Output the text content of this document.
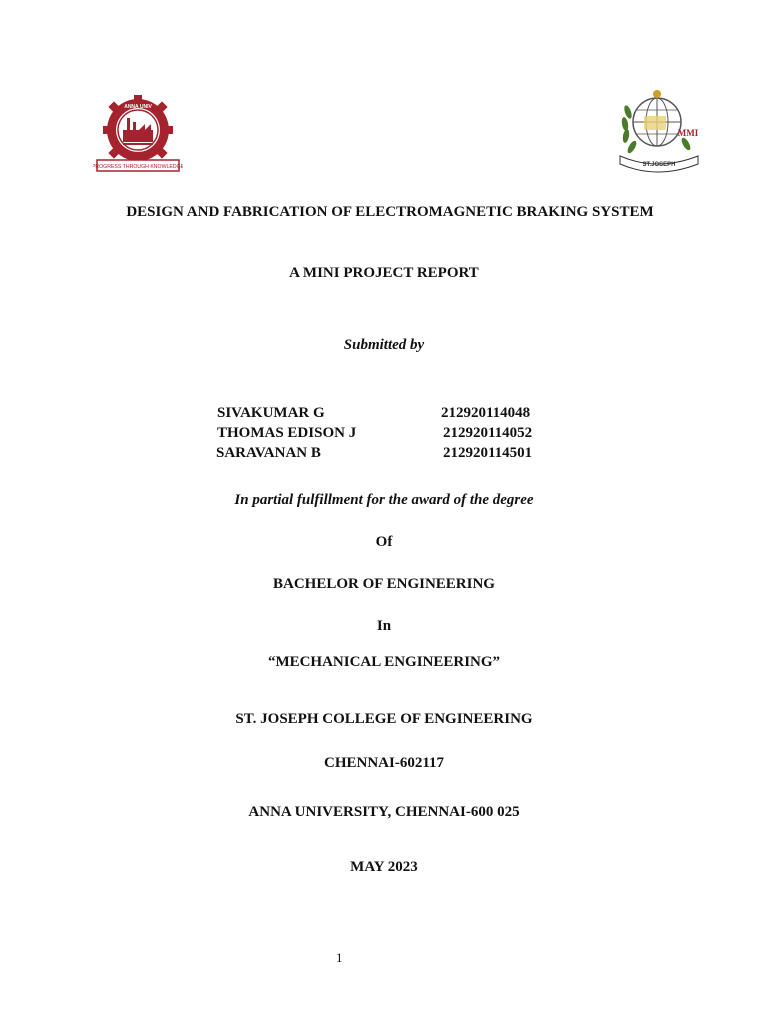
ANNA UNIV
PROGRESS THROUGH KNOWLEDGE
MMI
ST.JOSEPH
DESIGN AND FABRICATION OF ELECTROMAGNETIC BRAKING SYSTEM
A MINI PROJECT REPORT
Submitted by
SIVAKUMAR G	212920114048
THOMAS EDISON J	212920114052
SARAVANAN B	212920114501
In partial fulfillment for the award of the degree
Of
BACHELOR OF ENGINEERING
In
“MECHANICAL ENGINEERING”
ST. JOSEPH COLLEGE OF ENGINEERING
CHENNAI-602117
ANNA UNIVERSITY, CHENNAI-600 025
MAY 2023
1
